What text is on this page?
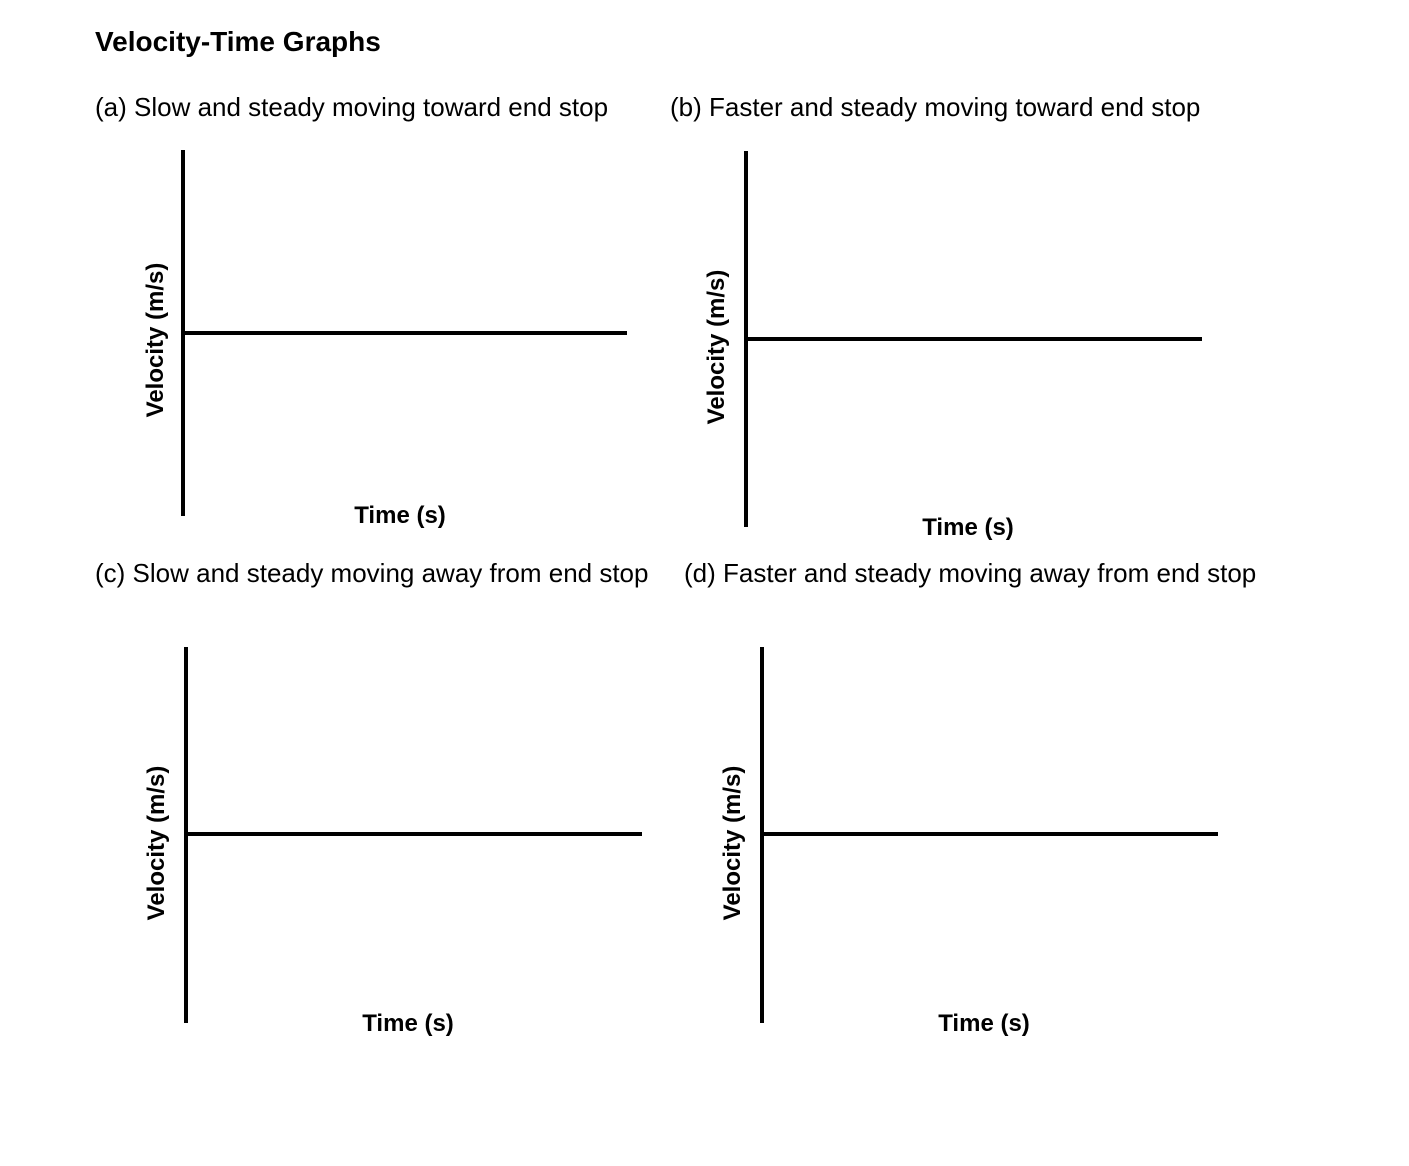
Velocity-Time Graphs
(a) Slow and steady moving toward end stop
Velocity (m/s)
Time (s)
(b) Faster and steady moving toward end stop
Velocity (m/s)
Time (s)
(c) Slow and steady moving away from end stop
Velocity (m/s)
Time (s)
(d) Faster and steady moving away from end stop
Velocity (m/s)
Time (s)
